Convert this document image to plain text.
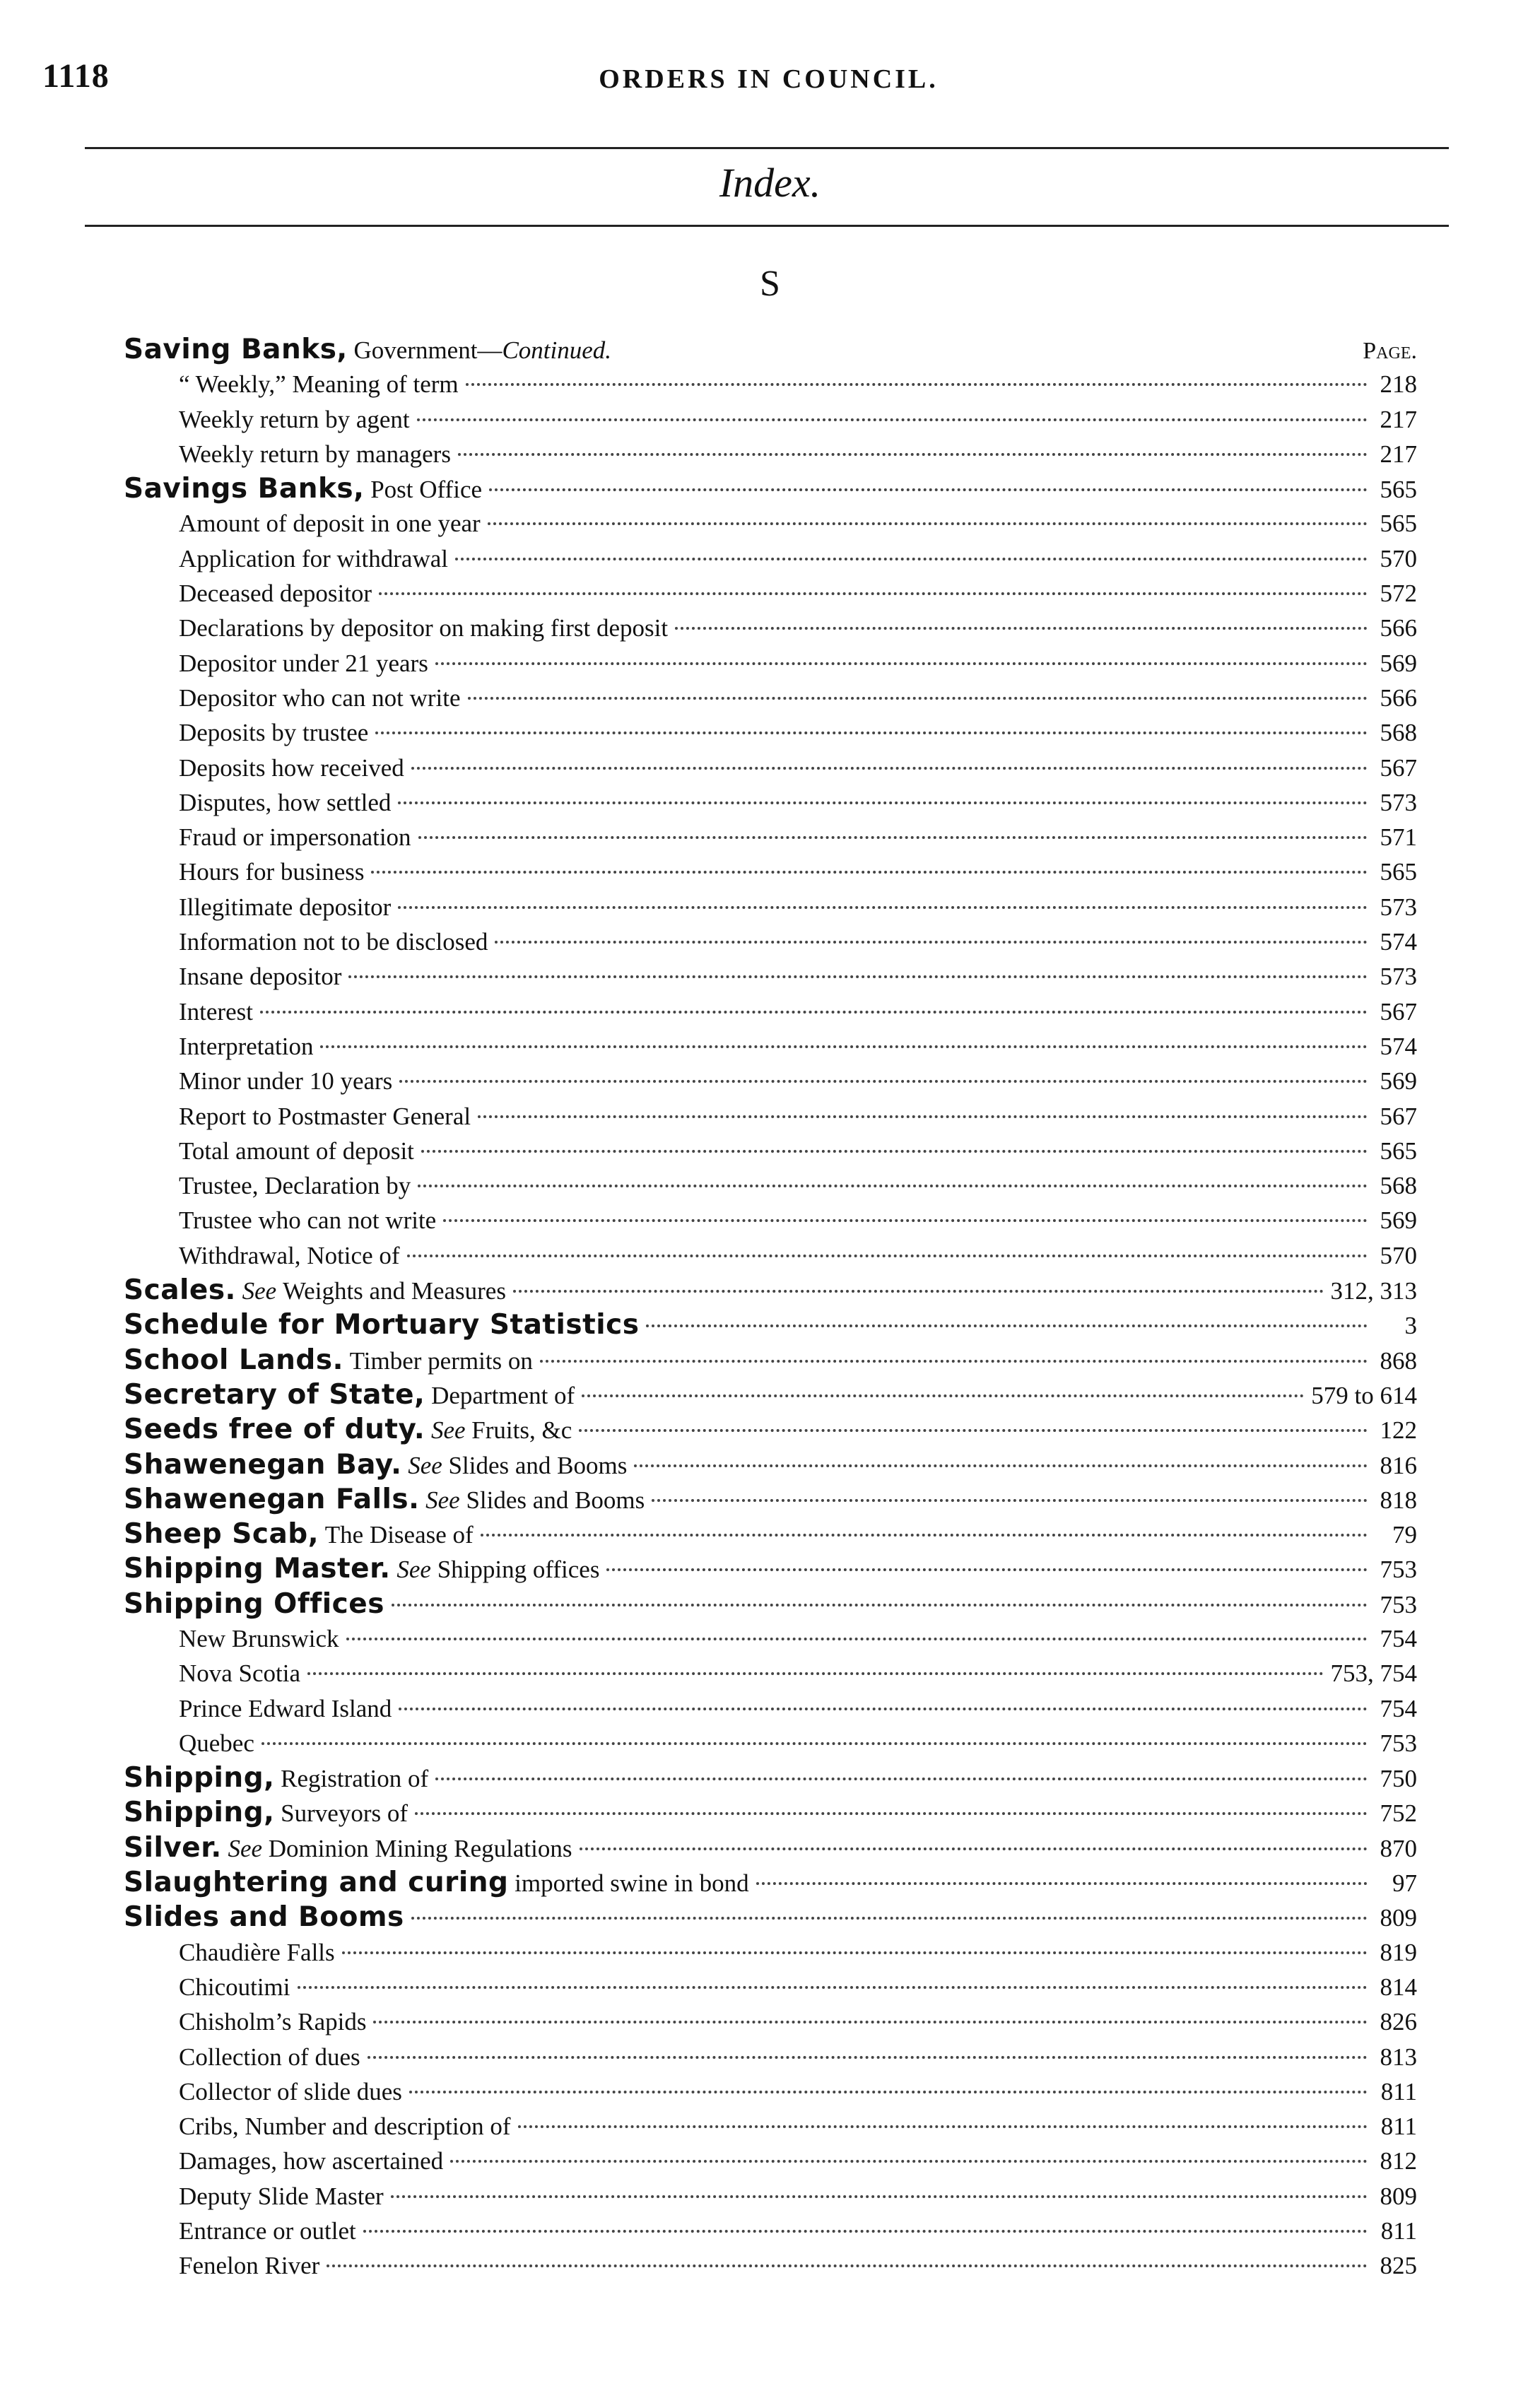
1118	ORDERS IN COUNCIL.
Index.
S
Saving Banks, Government— Continued.	Page.
“ Weekly,” Meaning of term	218
Weekly return by agent	217
Weekly return by managers	217
Savings Banks, Post Office	565
Amount of deposit in one year	565
Application for withdrawal	570
Deceased depositor	572
Declarations by depositor on making first deposit	566
Depositor under 21 years	569
Depositor who can not write	566
Deposits by trustee	568
Deposits how received	567
Disputes, how settled	573
Fraud or impersonation	571
Hours for business	565
Illegitimate depositor	573
Information not to be disclosed	574
Insane depositor	573
Interest	567
Interpretation	574
Minor under 10 years	569
Report to Postmaster General	567
Total amount of deposit	565
Trustee, Declaration by	568
Trustee who can not write	569
Withdrawal, Notice of	570
Scales. See Weights and Measures	312, 313
Schedule for Mortuary Statistics	3
School Lands. Timber permits on	868
Secretary of State, Department of	579 to 614
Seeds free of duty. See Fruits, &c	122
Shawenegan Bay. See Slides and Booms	816
Shawenegan Falls. See Slides and Booms	818
Sheep Scab, The Disease of	79
Shipping Master. See Shipping offices	753
Shipping Offices	753
New Brunswick	754
Nova Scotia	753, 754
Prince Edward Island	754
Quebec	753
Shipping, Registration of	750
Shipping, Surveyors of	752
Silver. See Dominion Mining Regulations	870
Slaughtering and curing imported swine in bond	97
Slides and Booms	809
Chaudière Falls	819
Chicoutimi	814
Chisholm’s Rapids	826
Collection of dues	813
Collector of slide dues	811
Cribs, Number and description of	811
Damages, how ascertained	812
Deputy Slide Master	809
Entrance or outlet	811
Fenelon River	825
